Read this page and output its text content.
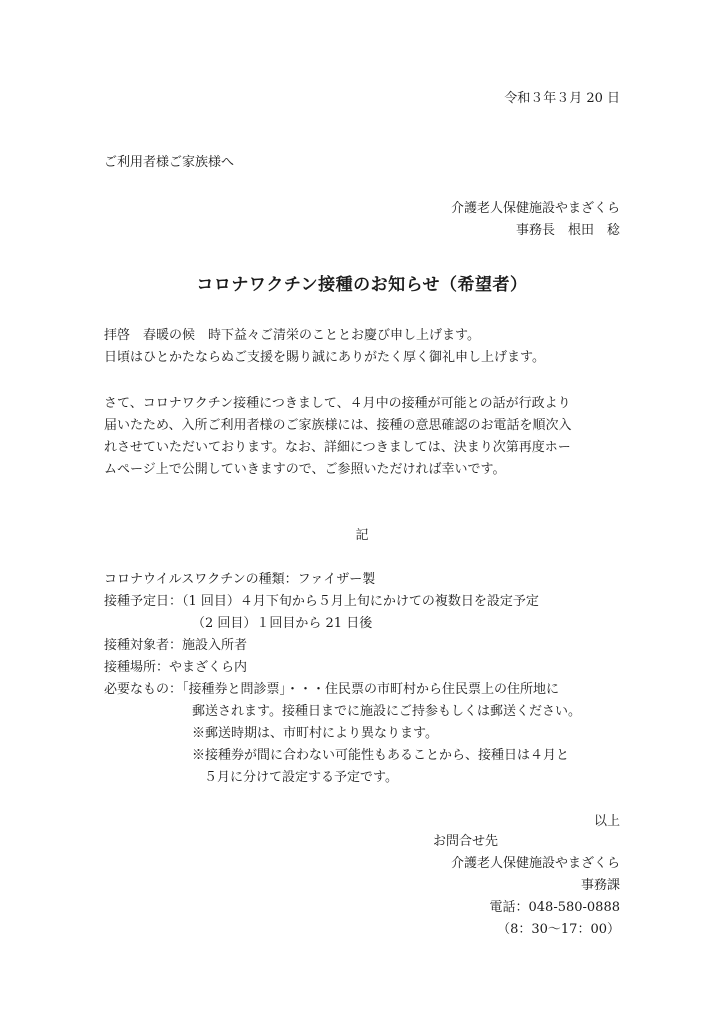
令和３年３月 20 日
ご利用者様ご家族様へ
介護老人保健施設やまざくら
事務長　根田　稔
コロナワクチン接種のお知らせ（希望者）
拝啓　春暖の候　時下益々ご清栄のこととお慶び申し上げます。
日頃はひとかたならぬご支援を賜り誠にありがたく厚く御礼申し上げます。
さて、コロナワクチン接種につきまして、４月中の接種が可能との話が行政より
届いたため、入所ご利用者様のご家族様には、接種の意思確認のお電話を順次入
れさせていただいております。なお、詳細につきましては、決まり次第再度ホー
ムページ上で公開していきますので、ご参照いただければ幸いです。
記
コロナウイルスワクチンの種類：ファイザー製
接種予定日：（1 回目）４月下旬から５月上旬にかけての複数日を設定予定
（2 回目）１回目から 21 日後
接種対象者：施設入所者
接種場所：やまざくら内
必要なもの：「接種券と問診票」・・・住民票の市町村から住民票上の住所地に
郵送されます。接種日までに施設にご持参もしくは郵送ください。
※郵送時期は、市町村により異なります。
※接種券が間に合わない可能性もあることから、接種日は４月と
５月に分けて設定する予定です。
以上
お問合せ先
介護老人保健施設やまざくら
事務課
電話：048-580-0888
（8：30～17：00）
